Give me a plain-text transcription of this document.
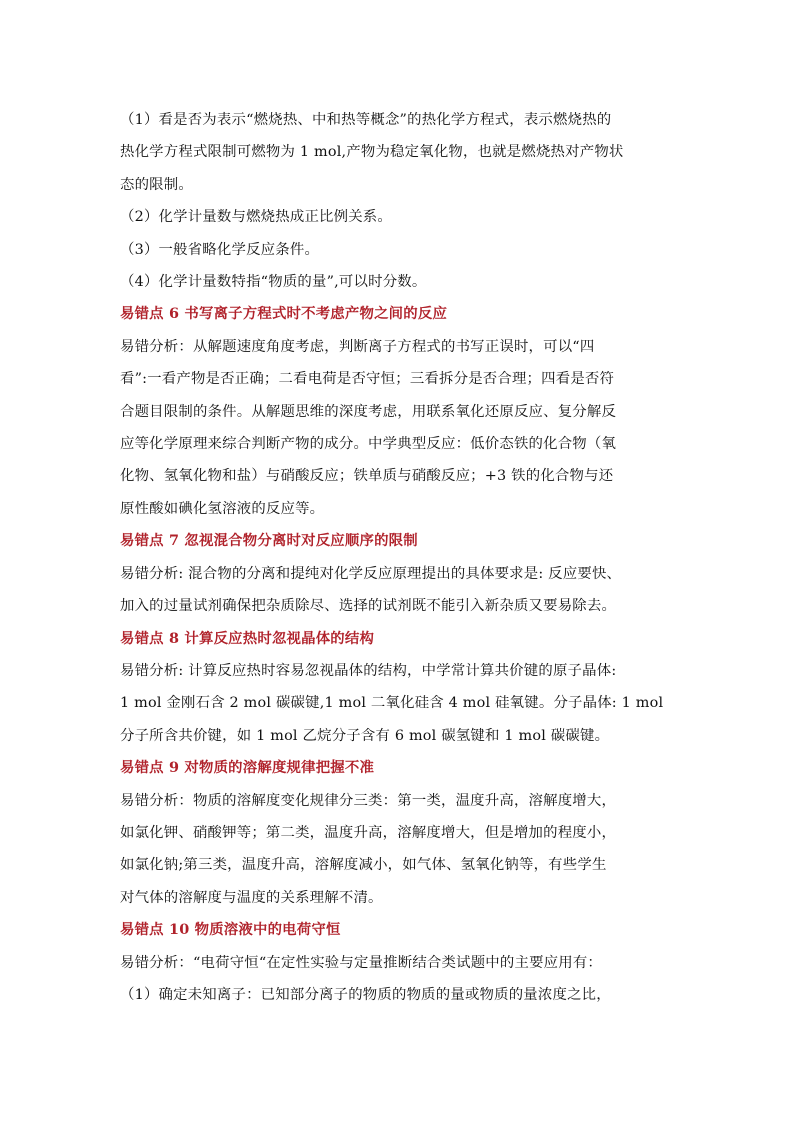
（1）看是否为表示“燃烧热、中和热等概念”的热化学方程式，表示燃烧热的

热化学方程式限制可燃物为 1 mol,产物为稳定氧化物，也就是燃烧热对产物状

态的限制。

（2）化学计量数与燃烧热成正比例关系。

（3）一般省略化学反应条件。

（4）化学计量数特指“物质的量”,可以时分数。

易错点 6 书写离子方程式时不考虑产物之间的反应

易错分析：从解题速度角度考虑，判断离子方程式的书写正误时，可以“四

看”:一看产物是否正确；二看电荷是否守恒；三看拆分是否合理；四看是否符

合题目限制的条件。从解题思维的深度考虑，用联系氧化还原反应、复分解反

应等化学原理来综合判断产物的成分。中学典型反应：低价态铁的化合物（氧

化物、氢氧化物和盐）与硝酸反应；铁单质与硝酸反应；+3 铁的化合物与还

原性酸如碘化氢溶液的反应等。

易错点 7 忽视混合物分离时对反应顺序的限制

易错分析: 混合物的分离和提纯对化学反应原理提出的具体要求是: 反应要快、

加入的过量试剂确保把杂质除尽、选择的试剂既不能引入新杂质又要易除去。

易错点 8 计算反应热时忽视晶体的结构

易错分析: 计算反应热时容易忽视晶体的结构，中学常计算共价键的原子晶体:

1 mol 金刚石含 2 mol 碳碳键,1 mol 二氧化硅含 4 mol 硅氧键。分子晶体: 1 mol

分子所含共价键，如 1 mol 乙烷分子含有 6 mol 碳氢键和 1 mol 碳碳键。

易错点 9 对物质的溶解度规律把握不准

易错分析：物质的溶解度变化规律分三类：第一类，温度升高，溶解度增大，

如氯化钾、硝酸钾等；第二类，温度升高，溶解度增大，但是增加的程度小，

如氯化钠;第三类，温度升高，溶解度减小，如气体、氢氧化钠等，有些学生

对气体的溶解度与温度的关系理解不清。

易错点 10 物质溶液中的电荷守恒

易错分析：“电荷守恒“在定性实验与定量推断结合类试题中的主要应用有：

（1）确定未知离子：已知部分离子的物质的物质的量或物质的量浓度之比，
